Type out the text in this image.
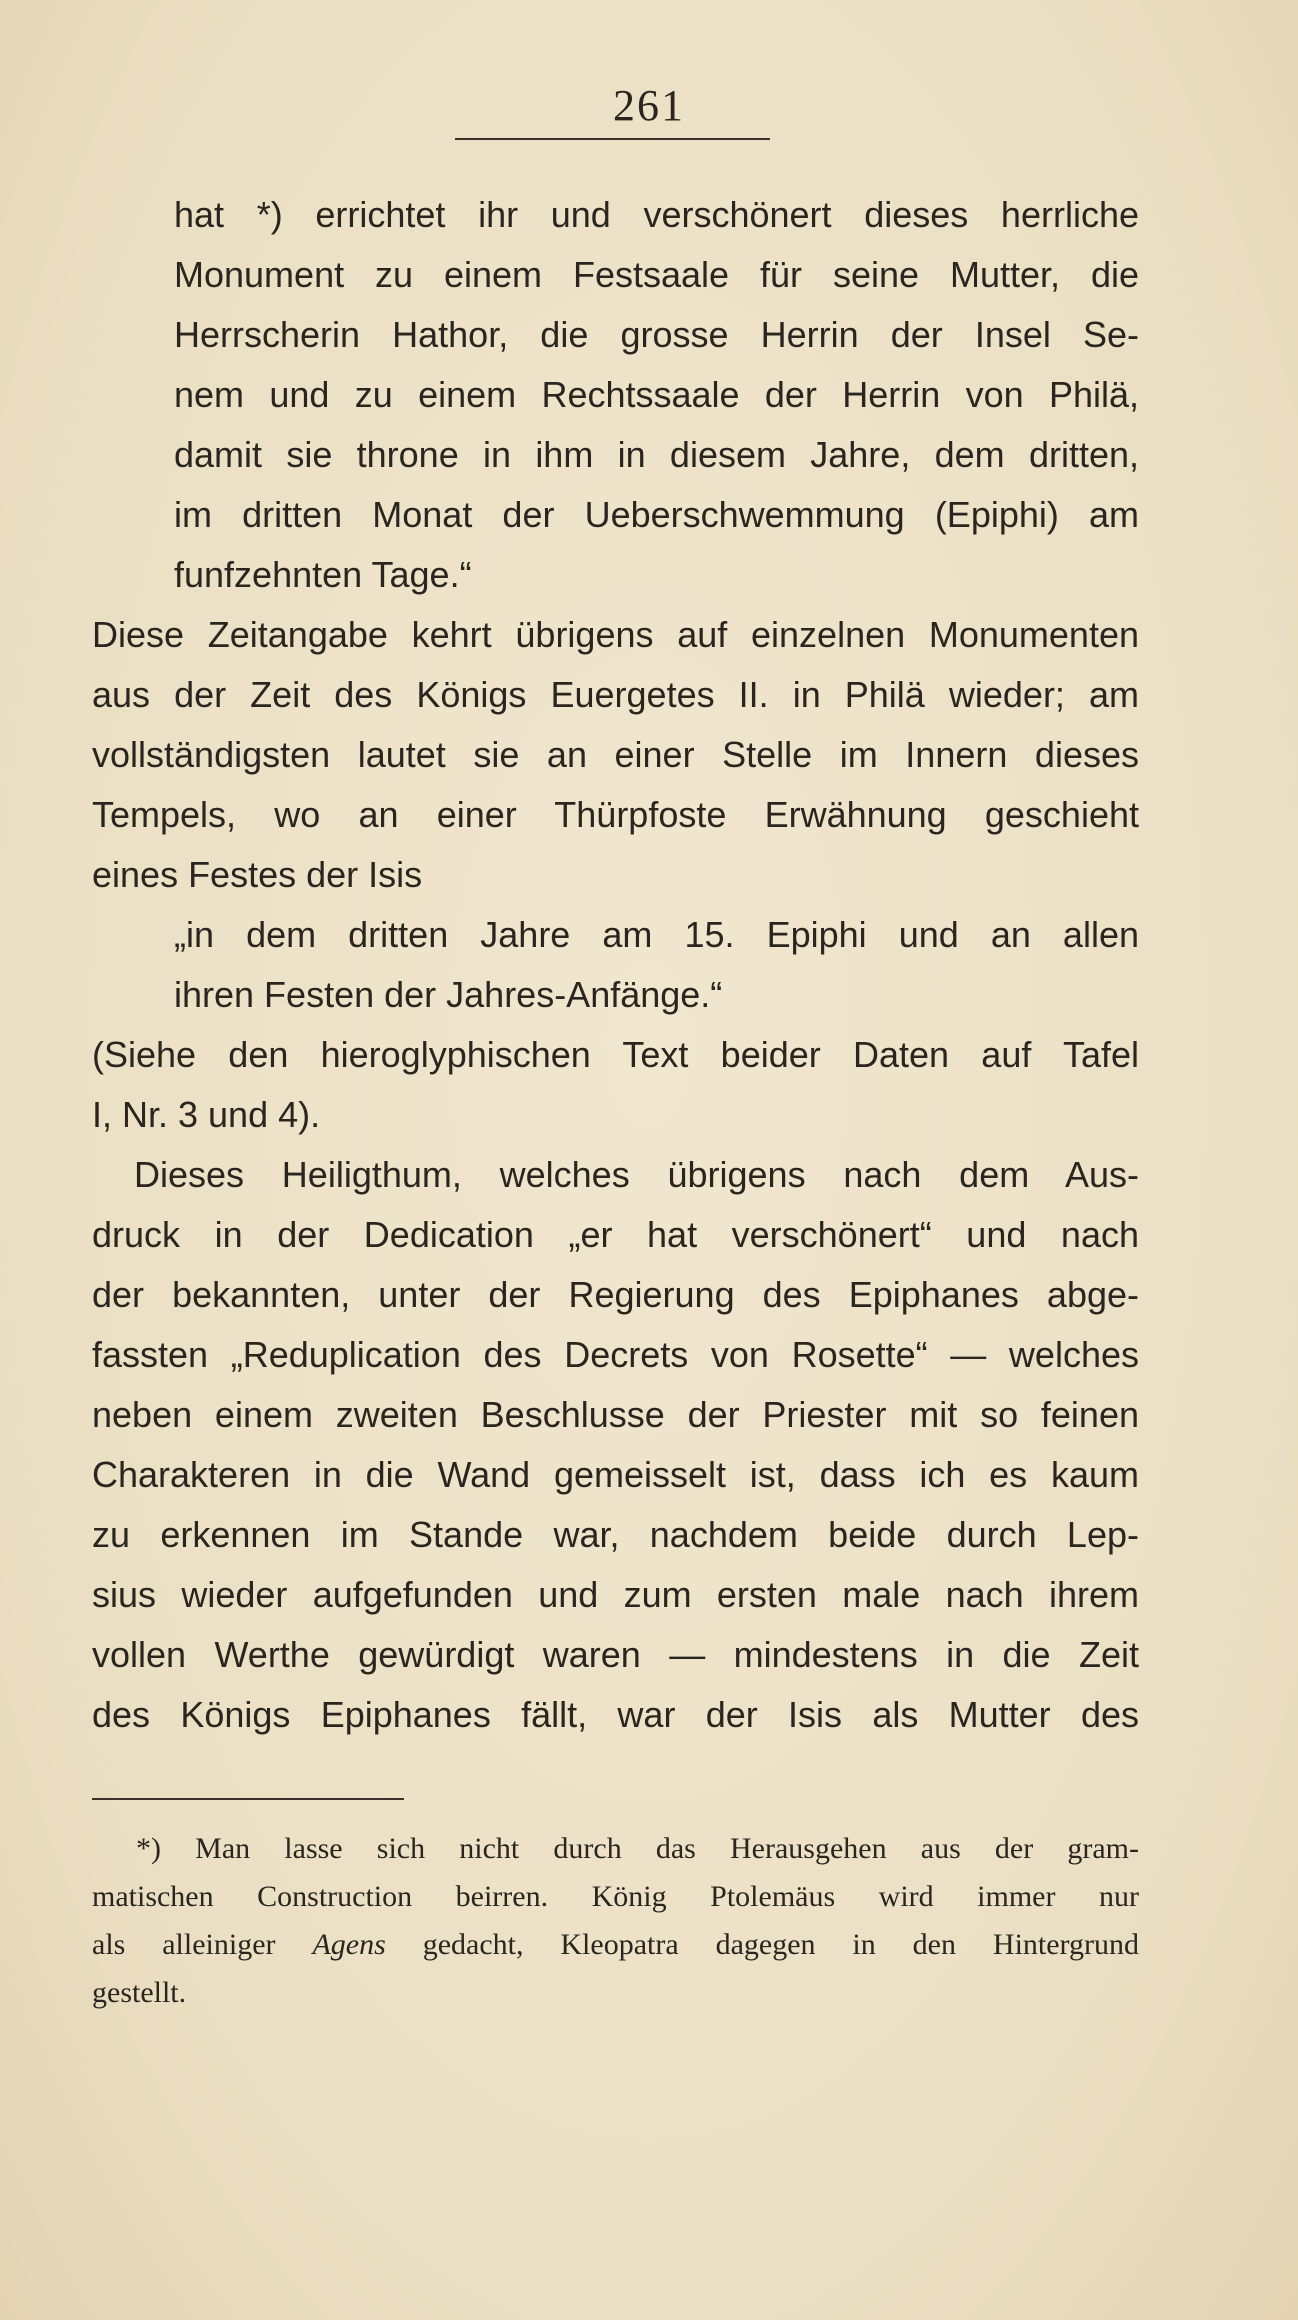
261
hat *) errichtet ihr und verschönert dieses herrliche
Monument zu einem Festsaale für seine Mutter, die
Herrscherin Hathor, die grosse Herrin der Insel Se-
nem und zu einem Rechtssaale der Herrin von Philä,
damit sie throne in ihm in diesem Jahre, dem dritten,
im dritten Monat der Ueberschwemmung (Epiphi) am
funfzehnten Tage.“
Diese Zeitangabe kehrt übrigens auf einzelnen Monumenten
aus der Zeit des Königs Euergetes II. in Philä wieder; am
vollständigsten lautet sie an einer Stelle im Innern dieses
Tempels, wo an einer Thürpfoste Erwähnung geschieht
eines Festes der Isis
„in dem dritten Jahre am 15. Epiphi und an allen
ihren Festen der Jahres-Anfänge.“
(Siehe den hieroglyphischen Text beider Daten auf Tafel
I, Nr. 3 und 4).
Dieses Heiligthum, welches übrigens nach dem Aus-
druck in der Dedication „er hat verschönert“ und nach
der bekannten, unter der Regierung des Epiphanes abge-
fassten „Reduplication des Decrets von Rosette“ — welches
neben einem zweiten Beschlusse der Priester mit so feinen
Charakteren in die Wand gemeisselt ist, dass ich es kaum
zu erkennen im Stande war, nachdem beide durch Lep-
sius wieder aufgefunden und zum ersten male nach ihrem
vollen Werthe gewürdigt waren — mindestens in die Zeit
des Königs Epiphanes fällt, war der Isis als Mutter des
*) Man lasse sich nicht durch das Herausgehen aus der gram-
matischen Construction beirren. König Ptolemäus wird immer nur
als alleiniger Agens gedacht, Kleopatra dagegen in den Hintergrund
gestellt.
